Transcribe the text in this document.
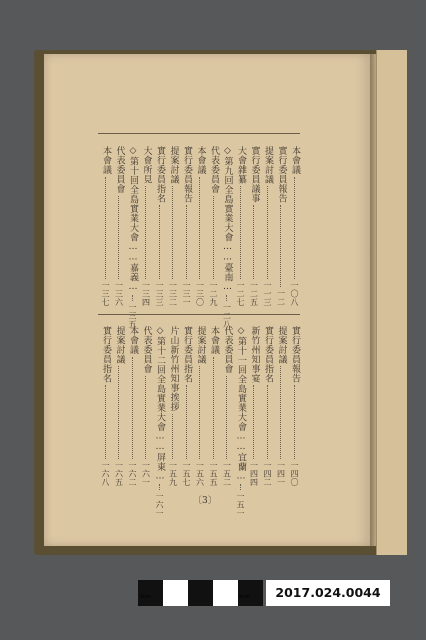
本會議
一〇八
實行委員報告
一二
提案討議
一一三
實行委員議事
一二五
大會雜纂
一二七
◇第九回全島實業大會……臺南…
一二八
代表委員會
一二九
本會議
一三〇
實行委員報告
一三一
提案討議
一三二
實行委員指名
一三三
大會所見
一三四
◇第十回全島實業大會……嘉義…
一三五
代表委員會
一三六
本會議
一三七
實行委員報告
一四〇
提案討議
一四一
實行委員指名
一四二
新竹州知事宴
一四四
◇第十一回全島實業大會……宜蘭…
一五一
代表委員會
一五二
本會議
一五五
提案討議
一五六
實行委員指名
一五七
片山新竹州知事挨拶
一五九
◇第十二回全島實業大會……屏東…
一六一
代表委員會
一六一
本會議
一六二
提案討議
一六五
實行委員指名
一六八
〔3〕
1cm	5cm	2017.024.0044
